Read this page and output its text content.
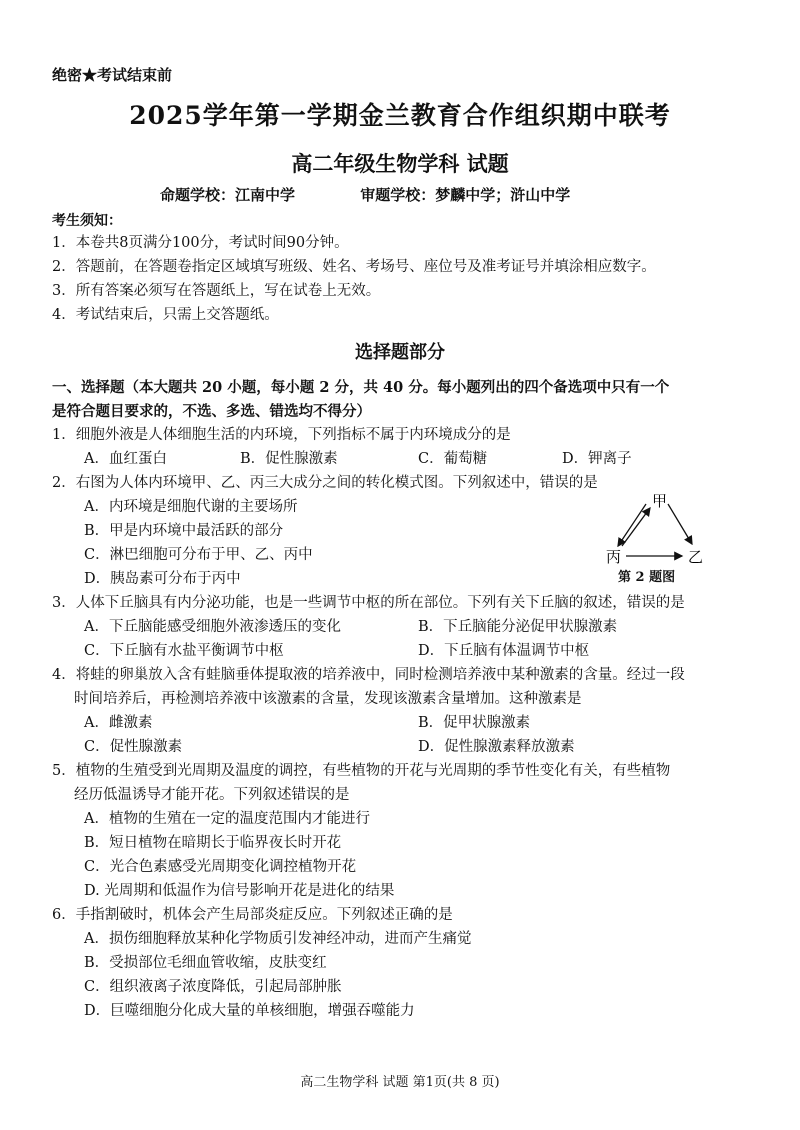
绝密★考试结束前
2025学年第一学期金兰教育合作组织期中联考
高二年级生物学科 试题
命题学校：江南中学	审题学校：梦麟中学；浒山中学
考生须知：
1．本卷共8页满分100分，考试时间90分钟。
2．答题前，在答题卷指定区域填写班级、姓名、考场号、座位号及准考证号并填涂相应数字。
3．所有答案必须写在答题纸上，写在试卷上无效。
4．考试结束后，只需上交答题纸。
选择题部分
一、选择题（本大题共 20 小题，每小题 2 分，共 40 分。每小题列出的四个备选项中只有一个
是符合题目要求的，不选、多选、错选均不得分）
1．细胞外液是人体细胞生活的内环境，下列指标不属于内环境成分的是
A．血红蛋白	B．促性腺激素	C．葡萄糖	D．钾离子
2．右图为人体内环境甲、乙、丙三大成分之间的转化模式图。下列叙述中，错误的是
A．内环境是细胞代谢的主要场所
B．甲是内环境中最活跃的部分
C．淋巴细胞可分布于甲、乙、丙中
D．胰岛素可分布于丙中
甲
丙	乙
第 2 题图
3．人体下丘脑具有内分泌功能，也是一些调节中枢的所在部位。下列有关下丘脑的叙述，错误的是
A．下丘脑能感受细胞外液渗透压的变化	B．下丘脑能分泌促甲状腺激素
C．下丘脑有水盐平衡调节中枢	D．下丘脑有体温调节中枢
4．将蛙的卵巢放入含有蛙脑垂体提取液的培养液中，同时检测培养液中某种激素的含量。经过一段
时间培养后，再检测培养液中该激素的含量，发现该激素含量增加。这种激素是
A．雌激素	B．促甲状腺激素
C．促性腺激素	D．促性腺激素释放激素
5．植物的生殖受到光周期及温度的调控，有些植物的开花与光周期的季节性变化有关，有些植物
经历低温诱导才能开花。下列叙述错误的是
A．植物的生殖在一定的温度范围内才能进行
B．短日植物在暗期长于临界夜长时开花
C．光合色素感受光周期变化调控植物开花
D. 光周期和低温作为信号影响开花是进化的结果
6．手指割破时，机体会产生局部炎症反应。下列叙述正确的是
A．损伤细胞释放某种化学物质引发神经冲动，进而产生痛觉
B．受损部位毛细血管收缩，皮肤变红
C．组织液离子浓度降低，引起局部肿胀
D．巨噬细胞分化成大量的单核细胞，增强吞噬能力
高二生物学科 试题 第1页(共 8 页)
